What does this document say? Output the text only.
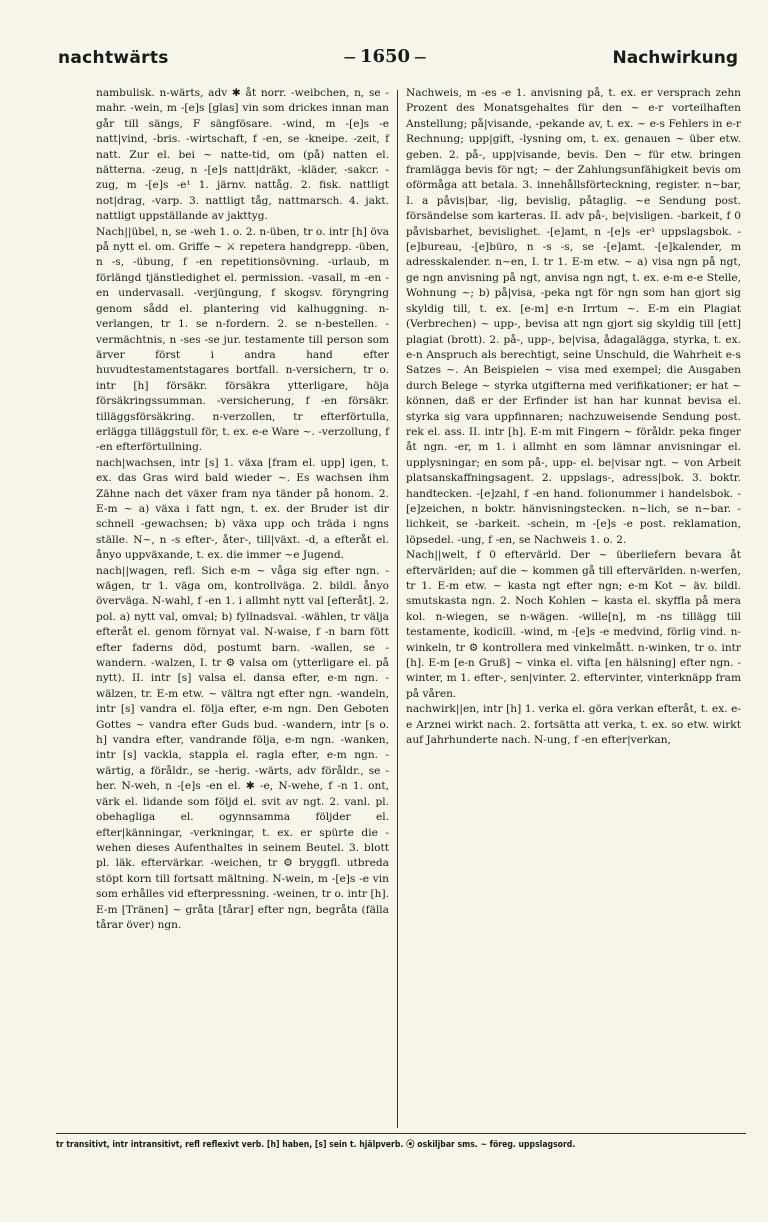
nachtwärts	— 1650 —	Nachwirkung

nambulisk. n-wärts, adv ✱ åt norr. -weibchen, n, se -mahr. -wein, m -[e]s [glas] vin som drickes innan man går till sängs, F sängfösare. -wind, m -[e]s -e natt|vind, -bris. -wirtschaft, f -en, se -kneipe. -zeit, f natt. Zur el. bei ~ natte-tid, om (på) natten el. nätterna. -zeug, n -[e]s natt|dräkt, -kläder, -sakcr. -zug, m -[e]s -e¹ 1. järnv. nattåg. 2. fisk. nattligt not|drag, -varp. 3. nattligt tåg, nattmarsch. 4. jakt. nattligt uppställande av jakttyg.

Nach||übel, n, se -weh 1. o. 2. n-üben, tr o. intr [h] öva på nytt el. om. Griffe ~ ⚔ repetera handgrepp. -üben, n -s, -übung, f -en repetitionsövning. -urlaub, m förlängd tjänstledighet el. permission. -vasall, m -en -en undervasall. -verjüngung, f skogsv. föryngring genom sådd el. plantering vid kalhuggning. n-verlangen, tr 1. se n-fordern. 2. se n-bestellen. -vermächtnis, n -ses -se jur. testamente till person som ärver först i andra hand efter huvudtestamentstagares bortfall. n-versichern, tr o. intr [h] försäkr. försäkra ytterligare, höja försäkringssumman. -versicherung, f -en försäkr. tilläggsförsäkring. n-verzollen, tr efterförtulla, erlägga tilläggstull för, t. ex. e-e Ware ~. -verzollung, f -en efterförtullning.

nach|wachsen, intr [s] 1. växa [fram el. upp] igen, t. ex. das Gras wird bald wieder ~. Es wachsen ihm Zähne nach det växer fram nya tänder på honom. 2. E-m ~ a) växa i fatt ngn, t. ex. der Bruder ist dir schnell -gewachsen; b) växa upp och träda i ngns ställe. N~, n -s efter-, åter-, till|växt. -d, a efteråt el. ånyo uppväxande, t. ex. die immer ~e Jugend.

nach||wagen, refl. Sich e-m ~ våga sig efter ngn. -wägen, tr 1. väga om, kontrollväga. 2. bildl. ånyo överväga. N-wahl, f -en 1. i allmht nytt val [efteråt]. 2. pol. a) nytt val, omval; b) fyllnadsval. -wählen, tr välja efteråt el. genom förnyat val. N-waise, f -n barn fött efter faderns död, postumt barn. -wallen, se -wandern. -walzen, I. tr ⚙ valsa om (ytterligare el. på nytt). II. intr [s] valsa el. dansa efter, e-m ngn. -wälzen, tr. E-m etw. ~ vältra ngt efter ngn. -wandeln, intr [s] vandra el. följa efter, e-m ngn. Den Geboten Gottes ~ vandra efter Guds bud. -wandern, intr [s o. h] vandra efter, vandrande följa, e-m ngn. -wanken, intr [s] vackla, stappla el. ragla efter, e-m ngn. -wärtig, a föråldr., se -herig. -wärts, adv föråldr., se -her. N-weh, n -[e]s -en el. ✱ -e, N-wehe, f -n 1. ont, värk el. lidande som följd el. svit av ngt. 2. vanl. pl. obehagliga el. ogynnsamma följder el. efter|känningar, -verkningar, t. ex. er spürte die -wehen dieses Aufenthaltes in seinem Beutel. 3. blott pl. läk. eftervärkar. -weichen, tr ⚙ bryggfl. utbreda stöpt korn till fortsatt mältning. N-wein, m -[e]s -e vin som erhålles vid efterpressning. -weinen, tr o. intr [h]. E-m [Tränen] ~ gråta [tårar] efter ngn, begråta (fälla tårar över) ngn.

Nachweis, m -es -e 1. anvisning på, t. ex. er versprach zehn Prozent des Monatsgehaltes für den ~ e-r vorteilhaften Anstellung; på|visande, -pekande av, t. ex. ~ e-s Fehlers in e-r Rechnung; upp|gift, -lysning om, t. ex. genauen ~ über etw. geben. 2. på-, upp|visande, bevis. Den ~ für etw. bringen framlägga bevis för ngt; ~ der Zahlungsunfähigkeit bevis om oförmåga att betala. 3. innehållsförteckning, register. n~bar, I. a påvis|bar, -lig, bevislig, påtaglig. ~e Sendung post. försändelse som karteras. II. adv på-, be|visligen. -barkeit, f 0 påvisbarhet, bevislighet. -[e]amt, n -[e]s -er¹ uppslagsbok. -[e]bureau, -[e]büro, n -s -s, se -[e]amt. -[e]kalender, m adresskalender. n~en, I. tr 1. E-m etw. ~ a) visa ngn på ngt, ge ngn anvisning på ngt, anvisa ngn ngt, t. ex. e-m e-e Stelle, Wohnung ~; b) på|visa, -peka ngt för ngn som han gjort sig skyldig till, t. ex. [e-m] e-n Irrtum ~. E-m ein Plagiat (Verbrechen) ~ upp-, bevisa att ngn gjort sig skyldig till [ett] plagiat (brott). 2. på-, upp-, be|visa, ådagalägga, styrka, t. ex. e-n Anspruch als berechtigt, seine Unschuld, die Wahrheit e-s Satzes ~. An Beispielen ~ visa med exempel; die Ausgaben durch Belege ~ styrka utgifterna med verifikationer; er hat ~ können, daß er der Erfinder ist han har kunnat bevisa el. styrka sig vara uppfinnaren; nachzuweisende Sendung post. rek el. ass. II. intr [h]. E-m mit Fingern ~ föråldr. peka finger åt ngn. -er, m 1. i allmht en som lämnar anvisningar el. upplysningar; en som på-, upp- el. be|visar ngt. ~ von Arbeit platsanskaffningsagent. 2. uppslags-, adress|bok. 3. boktr. handtecken. -[e]zahl, f -en hand. folionummer i handelsbok. -[e]zeichen, n boktr. hänvisningstecken. n~lich, se n~bar. -lichkeit, se -barkeit. -schein, m -[e]s -e post. reklamation, löpsedel. -ung, f -en, se Nachweis 1. o. 2.

Nach||welt, f 0 eftervärld. Der ~ überliefern bevara åt eftervärlden; auf die ~ kommen gå till eftervärlden. n-werfen, tr 1. E-m etw. ~ kasta ngt efter ngn; e-m Kot ~ äv. bildl. smutskasta ngn. 2. Noch Kohlen ~ kasta el. skyffla på mera kol. n-wiegen, se n-wägen. -wille[n], m -ns tillägg till testamente, kodicill. -wind, m -[e]s -e medvind, förlig vind. n-winkeln, tr ⚙ kontrollera med vinkelmått. n-winken, tr o. intr [h]. E-m [e-n Gruß] ~ vinka el. vifta [en hälsning] efter ngn. -winter, m 1. efter-, sen|vinter. 2. eftervinter, vinterknäpp fram på våren.

nachwirk||en, intr [h] 1. verka el. göra verkan efteråt, t. ex. e-e Arznei wirkt nach. 2. fortsätta att verka, t. ex. so etw. wirkt auf Jahrhunderte nach. N-ung, f -en efter|verkan,

tr transitivt, intr intransitivt, refl reflexivt verb. [h] haben, [s] sein t. hjälpverb. ⦿ oskiljbar sms. ~ föreg. uppslagsord.
